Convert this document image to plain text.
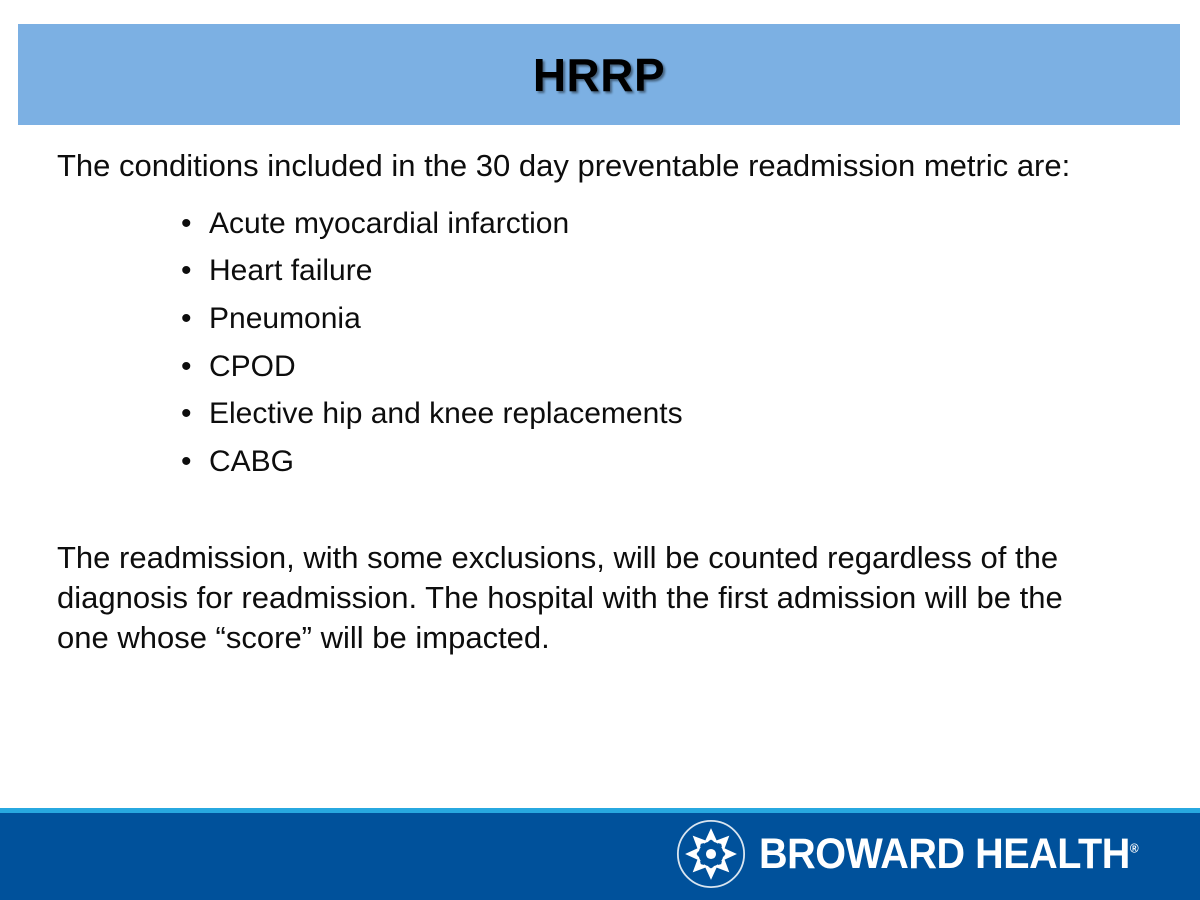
HRRP

The conditions included in the 30 day preventable readmission metric are:

• Acute myocardial infarction
• Heart failure
• Pneumonia
• CPOD
• Elective hip and knee replacements
• CABG

The readmission, with some exclusions, will be counted regardless of the diagnosis for readmission. The hospital with the first admission will be the one whose “score” will be impacted.

BROWARD HEALTH®
